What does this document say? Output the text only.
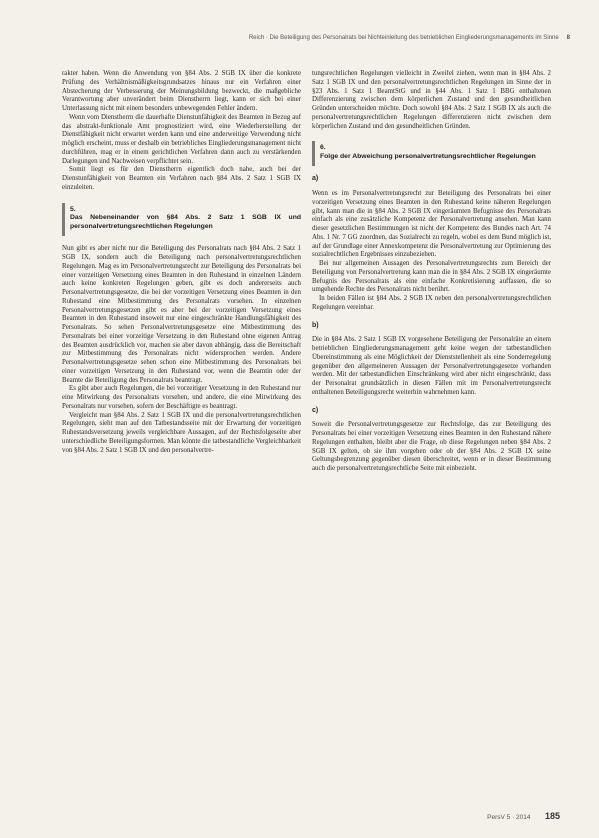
Reich · Die Beteiligung des Personalrats bei Nichteinleitung des betrieblichen Eingliederungsmanagements im Sinne 8

rakter haben. Wenn die Anwendung von §84 Abs. 2 SGB IX über die konkrete Prüfung des Verhältnismäßigkeitsgrundsatzes hinaus nur ein Verfahren einer Abstecherung der Verbesserung der Meinungsbildung bezweckt, die maßgebliche Verantwortung aber unverändert beim Dienstherrn liegt, kann er sich bei einer Unterlassung nicht mit einem besonders unbewegenden Fehler ändern.

Wenn vom Dienstherrn die dauerhafte Dienstunfähigkeit des Beamten in Bezug auf das abstrakt-funktionale Amt prognostiziert wird, eine Wiederherstellung der Dienstfähigkeit nicht erwartet werden kann und eine anderweitige Verwendung nicht möglich erscheint, muss er deshalb ein betriebliches Eingliederungsmanagement nicht durchführen, mag er in einem gerichtlichen Verfahren dann auch zu verstärkenden Darlegungen und Nachweisen verpflichtet sein.

Somit liegt es für den Dienstherrn eigentlich doch nahe, auch bei der Dienstunfähigkeit von Beamten ein Verfahren nach §84 Abs. 2 Satz 1 SGB IX einzuleiten.

5.
Das Nebeneinander von §84 Abs. 2 Satz 1 SGB IX und personalvertretungsrechtlichen Regelungen

Nun gibt es aber nicht nur die Beteiligung des Personalrats nach §84 Abs. 2 Satz 1 SGB IX, sondern auch die Beteiligung nach personalvertretungsrechtlichen Regelungen. Mag es im Personalvertretungsrecht zur Beteiligung des Personalrats bei einer vorzeitigen Versetzung eines Beamten in den Ruhestand in einzelnen Ländern auch keine konkreten Regelungen geben, gibt es doch andererseits auch Personalvertretungsgesetze, die bei der vorzeitigen Versetzung eines Beamten in den Ruhestand eine Mitbestimmung des Personalrats vorsehen. In einzelnen Personalvertretungsgesetzen gibt es aber bei der vorzeitigen Versetzung eines Beamten in den Ruhestand insoweit nur eine eingeschränkte Handlungsfähigkeit des Personalrats. So sehen Personalvertretungsgesetze eine Mitbestimmung des Personalrats bei einer vorzeitige Versetzung in den Ruhestand ohne eigenen Antrag des Beamten ausdrücklich vor, machen sie aber davon abhängig, dass die Bereitschaft zur Mitbestimmung des Personalrats nicht widersprochen werden. Andere Personalvertretungsgesetze sehen schon eine Mitbestimmung des Personalrats bei einer vorzeitigen Versetzung in den Ruhestand vor, wenn die Beamtin oder der Beamte die Beteiligung des Personalrats beantragt.

Es gibt aber auch Regelungen, die bei vorzeitiger Versetzung in den Ruhestand nur eine Mitwirkung des Personalrats vorsehen, und andere, die eine Mitwirkung des Personalrats nur vorsehen, sofern der Beschäftigte es beantragt.

Vergleicht man §84 Abs. 2 Satz 1 SGB IX und die personalvertretungsrechtlichen Regelungen, sieht man auf den Tatbestandsseite mit der Erwartung der vorzeitigen Ruhestandsversetzung jeweils vergleichbare Aussagen, auf der Rechtsfolgeseite aber unterschiedliche Beteiligungsformen. Man könnte die tatbestandliche Vergleichbarkeit von §84 Abs. 2 Satz 1 SGB IX und den personalvertre-

tungsrechtlichen Regelungen vielleicht in Zweifel ziehen, wenn man in §84 Abs. 2 Satz 1 SGB IX und den personalvertretungsrechtlichen Regelungen im Sinne der in §23 Abs. 1 Satz 1 BeamtStG und in §44 Abs. 1 Satz 1 BBG enthaltenen Differenzierung zwischen dem körperlichen Zustand und den gesundheitlichen Gründen unterscheiden möchte. Doch sowohl §84 Abs. 2 Satz 1 SGB IX als auch die personalvertretungsrechtlichen Regelungen differenzieren nicht zwischen dem körperlichen Zustand und den gesundheitlichen Gründen.

6.
Folge der Abweichung personalvertretungsrechtlicher Regelungen
a)

Wenn es im Personalvertretungsrecht zur Beteiligung des Personalrats bei einer vorzeitigen Versetzung eines Beamten in den Ruhestand keine näheren Regelungen gibt, kann man die in §84 Abs. 2 SGB IX eingeräumten Befugnisse des Personalrats einfach als eine zusätzliche Kompetenz der Personalvertretung ansehen. Man kann dieser gesetzlichen Bestimmungen ist nicht der Kompetenz des Bundes nach Art. 74 Abs. 1 Nr. 7 GG zuordnen, das Sozialrecht zu regeln, wobei es dem Bund möglich ist, auf der Grundlage einer Annexkompetenz die Personalvertretung zur Optimierung des sozialrechtlichen Ergebnisses einzubeziehen.

Bei nur allgemeinen Aussagen des Personalvertretungsrechts zum Bereich der Beteiligung von Personalvertretung kann man die in §84 Abs. 2 SGB IX eingeräumte Befugnis des Personalrats als eine einfache Konkretisierung auffassen, die so umgehende Rechte des Personalrats nicht berührt.

In beiden Fällen ist §84 Abs. 2 SGB IX neben den personalvertretungsrechtlichen Regelungen vereinbar.

b)

Die in §84 Abs. 2 Satz 1 SGB IX vorgesehene Beteiligung der Personalräte an einem betrieblichen Eingliederungsmanagement geht keine wegen der tatbestandlichen Übereinstimmung als eine Möglichkeit der Dienststellenheit als eine Sonderregelung gegenüber den allgemeineren Aussagen der Personalvertretungsgesetze vorhanden werden. Mit der tatbestandlichen Einschränkung wird aber nicht eingeschränkt, dass der Personalrat grundsätzlich in diesen Fällen mit im Personalvertretungsrecht enthaltenen Beteiligungsrecht weiterhin wahrnehmen kann.

c)

Soweit die Personalvertretungsgesetze zur Rechtsfolge, das zur Beteiligung des Personalrats bei einer vorzeitigen Versetzung eines Beamten in den Ruhestand nähere Regelungen enthalten, bleibt aber die Frage, ob diese Regelungen neben §84 Abs. 2 SGB IX gelten, ob sie ihm vorgehen oder ob der §84 Abs. 2 SGB IX seine Geltungsbegrenzung gegenüber diesen überschreitet, wenn er in dieser Bestimmung auch die personalvertretungsrechtliche Seite mit einbezieht.

PersV 5 · 2014 185
